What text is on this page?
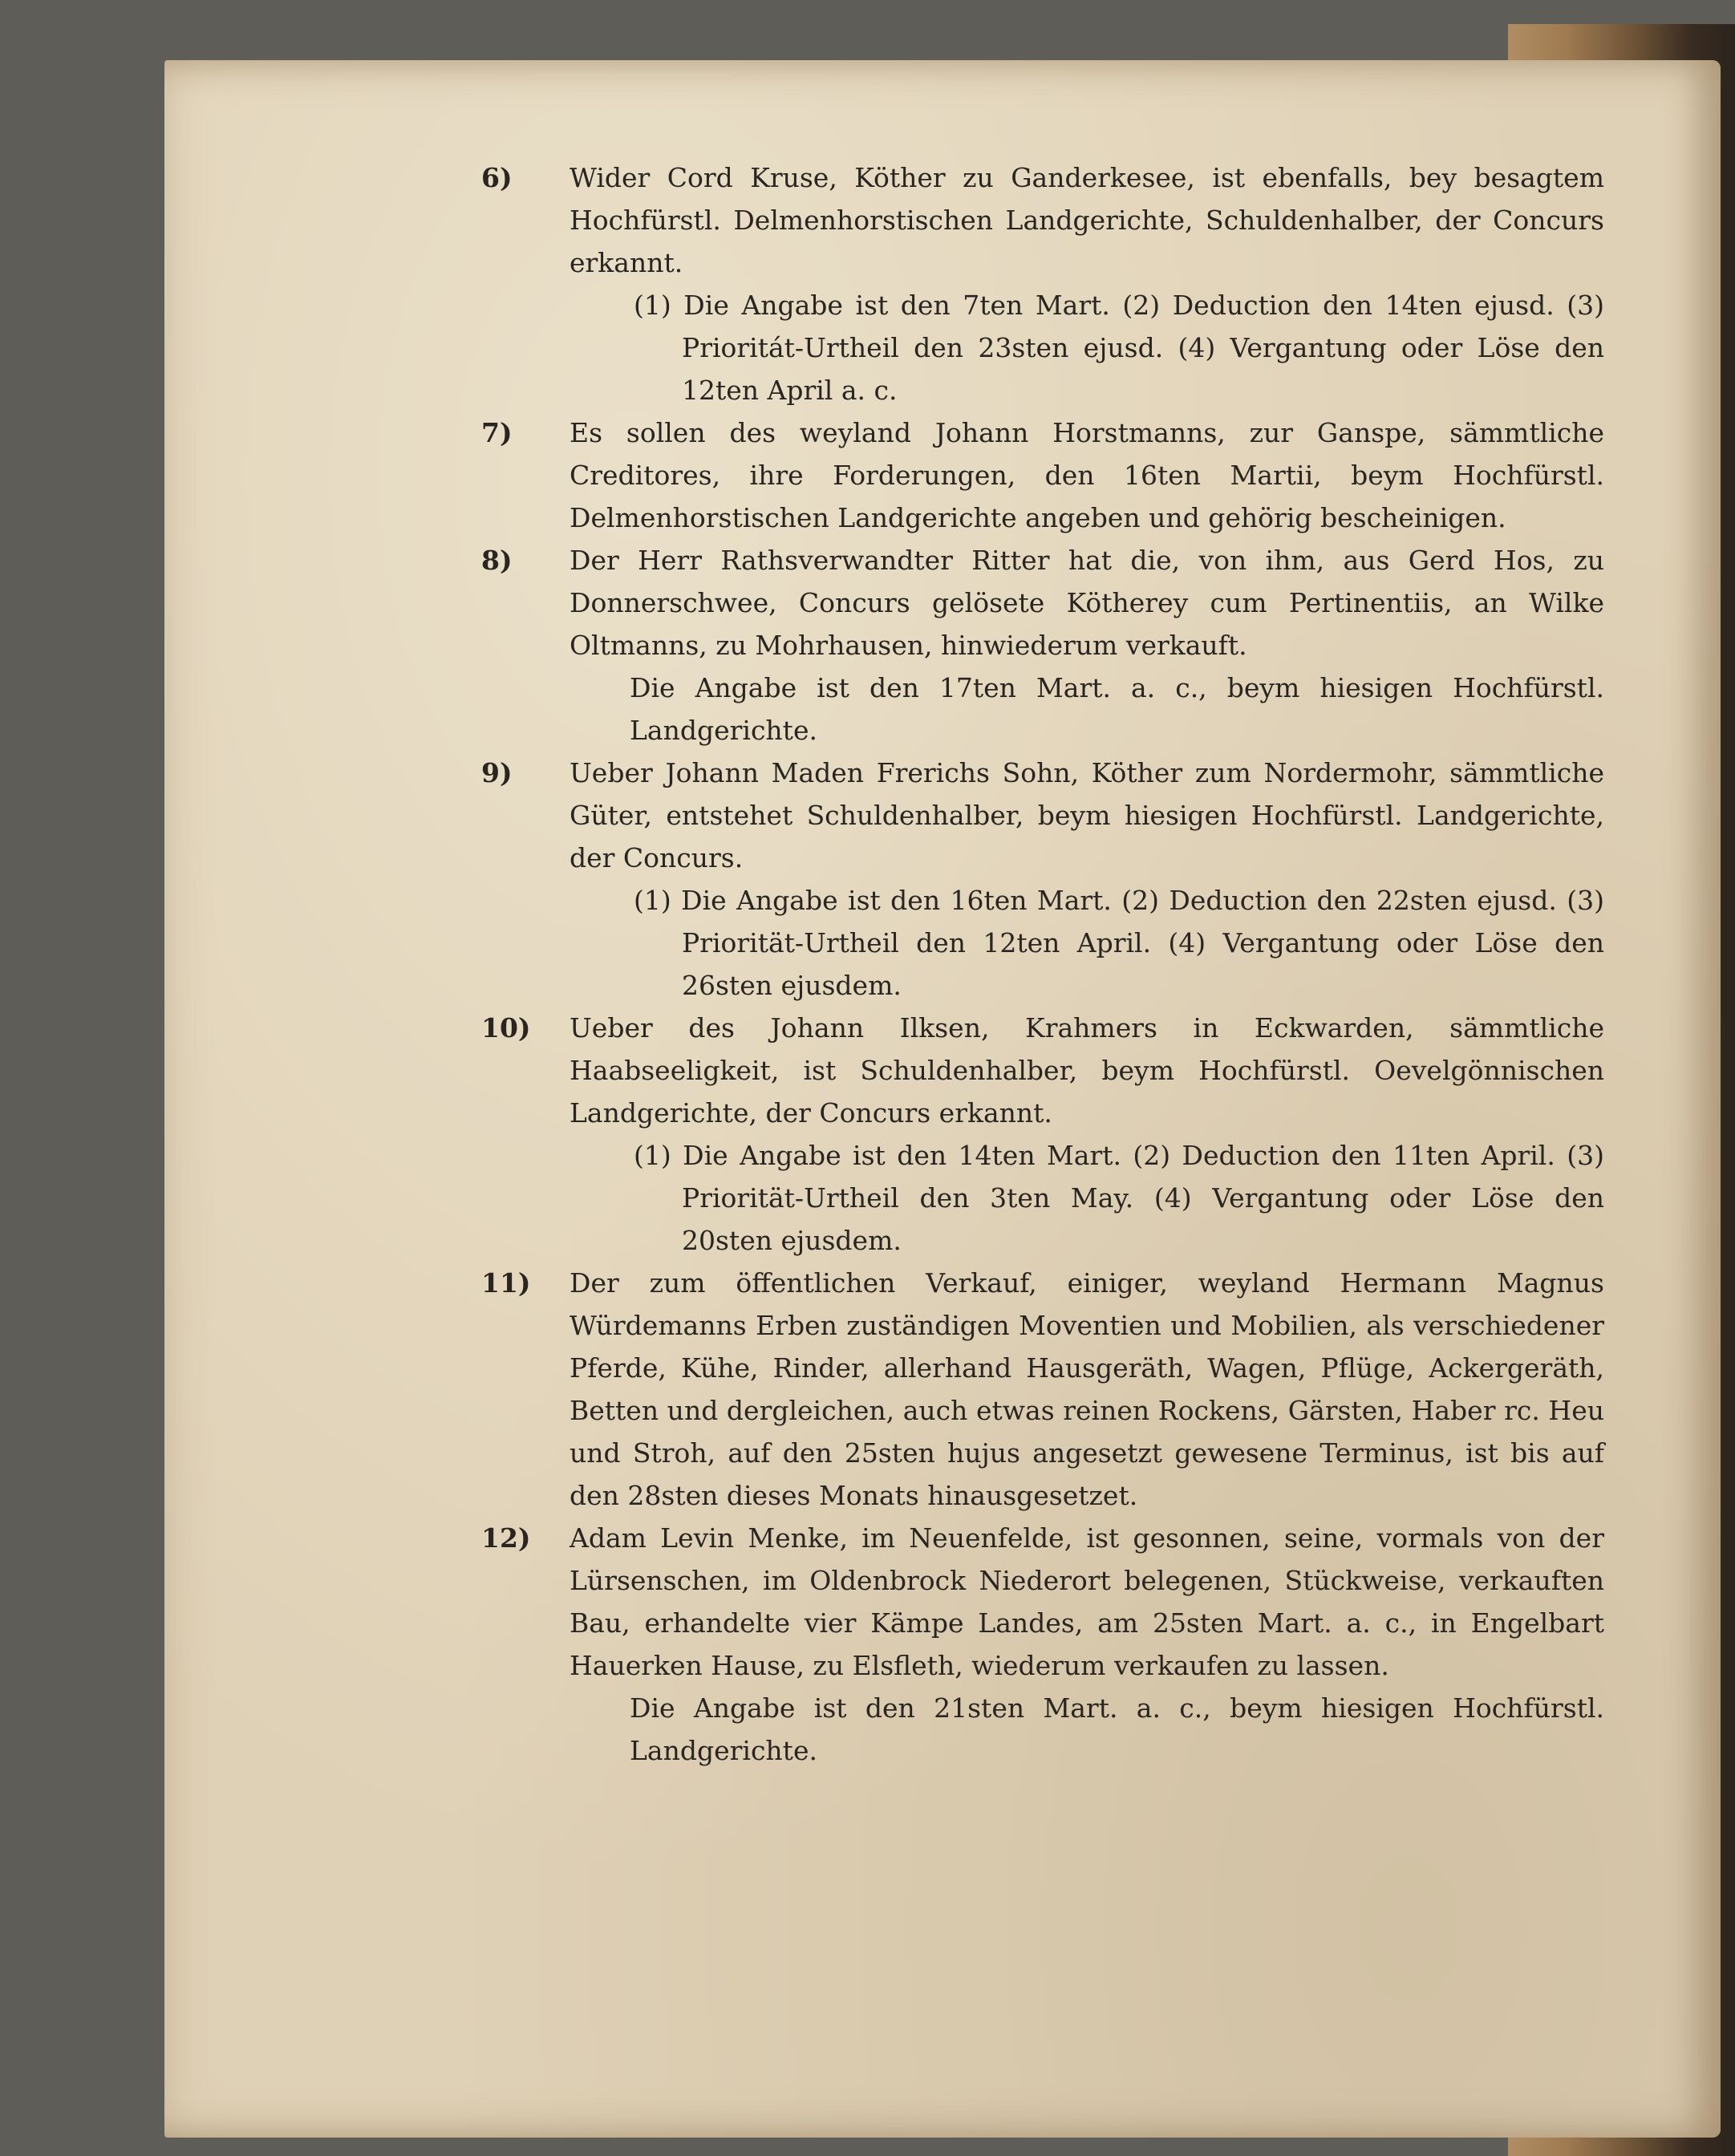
6)	Wider Cord Kruse, Köther zu Ganderkesee, ist ebenfalls, bey besagtem Hochfürstl. Delmenhorstischen Landgerichte, Schuldenhalber, der Concurs erkannt.
(1) Die Angabe ist den 7ten Mart. (2) Deduction den 14ten ejusd. (3) Prioritát-Urtheil den 23sten ejusd. (4) Vergantung oder Löse den 12ten April a. c.
7)	Es sollen des weyland Johann Horstmanns, zur Ganspe, sämmtliche Creditores, ihre Forderungen, den 16ten Martii, beym Hochfürstl. Delmenhorstischen Landgerichte angeben und gehörig bescheinigen.
8)	Der Herr Rathsverwandter Ritter hat die, von ihm, aus Gerd Hos, zu Donnerschwee, Concurs gelösete Kötherey cum Pertinentiis, an Wilke Oltmanns, zu Mohrhausen, hinwiederum verkauft.
Die Angabe ist den 17ten Mart. a. c., beym hiesigen Hochfürstl. Landgerichte.
9)	Ueber Johann Maden Frerichs Sohn, Köther zum Nordermohr, sämmtliche Güter, entstehet Schuldenhalber, beym hiesigen Hochfürstl. Landgerichte, der Concurs.
(1) Die Angabe ist den 16ten Mart. (2) Deduction den 22sten ejusd. (3) Priorität-Urtheil den 12ten April. (4) Vergantung oder Löse den 26sten ejusdem.
10)	Ueber des Johann Ilksen, Krahmers in Eckwarden, sämmtliche Haabseeligkeit, ist Schuldenhalber, beym Hochfürstl. Oevelgönnischen Landgerichte, der Concurs erkannt.
(1) Die Angabe ist den 14ten Mart. (2) Deduction den 11ten April. (3) Priorität-Urtheil den 3ten May. (4) Vergantung oder Löse den 20sten ejusdem.
11)	Der zum öffentlichen Verkauf, einiger, weyland Hermann Magnus Würdemanns Erben zuständigen Moventien und Mobilien, als verschiedener Pferde, Kühe, Rinder, allerhand Hausgeräth, Wagen, Pflüge, Ackergeräth, Betten und dergleichen, auch etwas reinen Rockens, Gärsten, Haber rc. Heu und Stroh, auf den 25sten hujus angesetzt gewesene Terminus, ist bis auf den 28sten dieses Monats hinausgesetzet.
12)	Adam Levin Menke, im Neuenfelde, ist gesonnen, seine, vormals von der Lürsenschen, im Oldenbrock Niederort belegenen, Stückweise, verkauften Bau, erhandelte vier Kämpe Landes, am 25sten Mart. a. c., in Engelbart Hauerken Hause, zu Elsfleth, wiederum verkaufen zu lassen.
Die Angabe ist den 21sten Mart. a. c., beym hiesigen Hochfürstl. Landgerichte.
